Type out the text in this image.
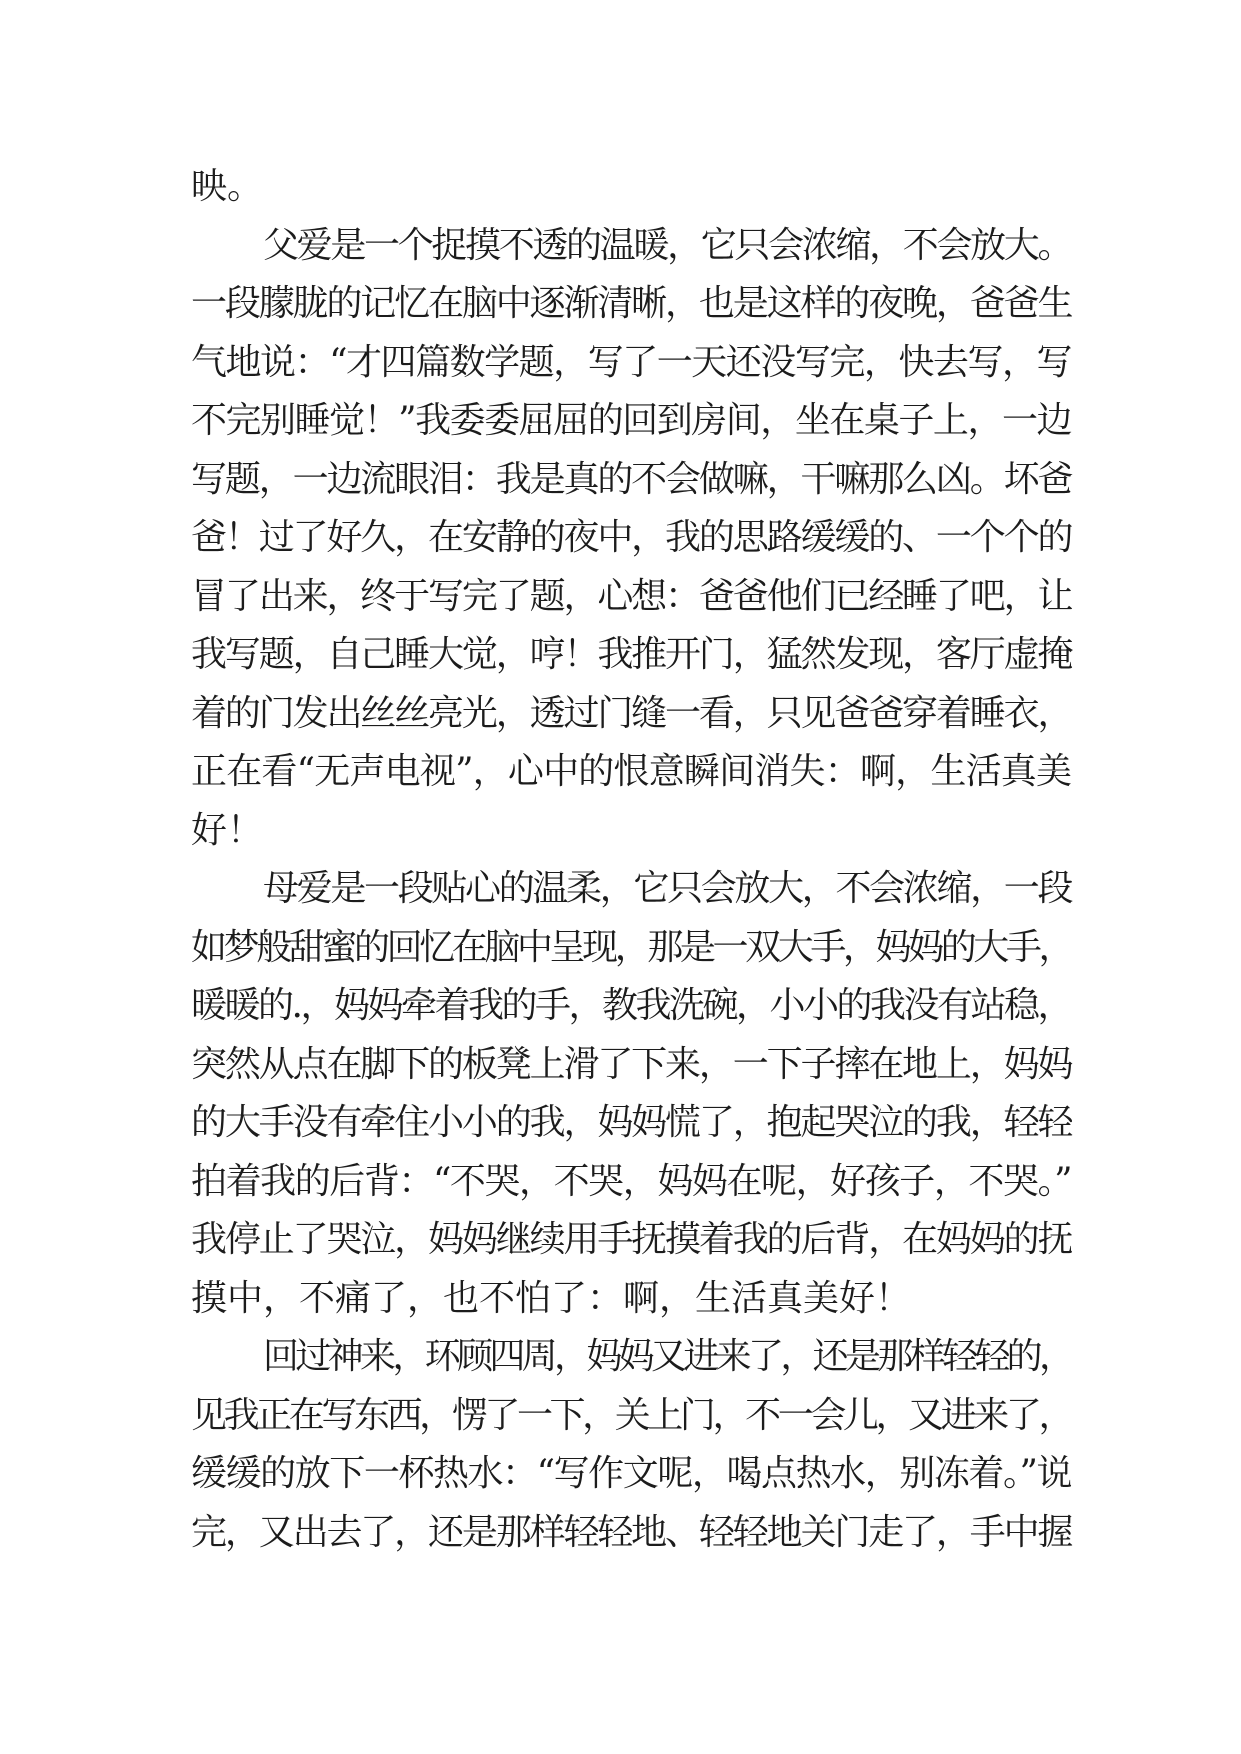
映。
父爱是一个捉摸不透的温暖，它只会浓缩，不会放大。
一段朦胧的记忆在脑中逐渐清晰，也是这样的夜晚，爸爸生
气地说：“才四篇数学题，写了一天还没写完，快去写，写
不完别睡觉！”我委委屈屈的回到房间，坐在桌子上，一边
写题，一边流眼泪：我是真的不会做嘛，干嘛那么凶。坏爸
爸！过了好久，在安静的夜中，我的思路缓缓的、一个个的
冒了出来，终于写完了题，心想：爸爸他们已经睡了吧，让
我写题，自己睡大觉，哼！我推开门，猛然发现，客厅虚掩
着的门发出丝丝亮光，透过门缝一看，只见爸爸穿着睡衣，
正在看“无声电视”，心中的恨意瞬间消失：啊，生活真美
好！
母爱是一段贴心的温柔，它只会放大，不会浓缩，一段
如梦般甜蜜的回忆在脑中呈现，那是一双大手，妈妈的大手，
暖暖的.，妈妈牵着我的手，教我洗碗，小小的我没有站稳，
突然从点在脚下的板凳上滑了下来，一下子摔在地上，妈妈
的大手没有牵住小小的我，妈妈慌了，抱起哭泣的我，轻轻
拍着我的后背：“不哭，不哭，妈妈在呢，好孩子，不哭。”
我停止了哭泣，妈妈继续用手抚摸着我的后背，在妈妈的抚
摸中，不痛了，也不怕了：啊，生活真美好！
回过神来，环顾四周，妈妈又进来了，还是那样轻轻的，
见我正在写东西，愣了一下，关上门，不一会儿，又进来了，
缓缓的放下一杯热水：“写作文呢，喝点热水，别冻着。”说
完，又出去了，还是那样轻轻地、轻轻地关门走了，手中握
